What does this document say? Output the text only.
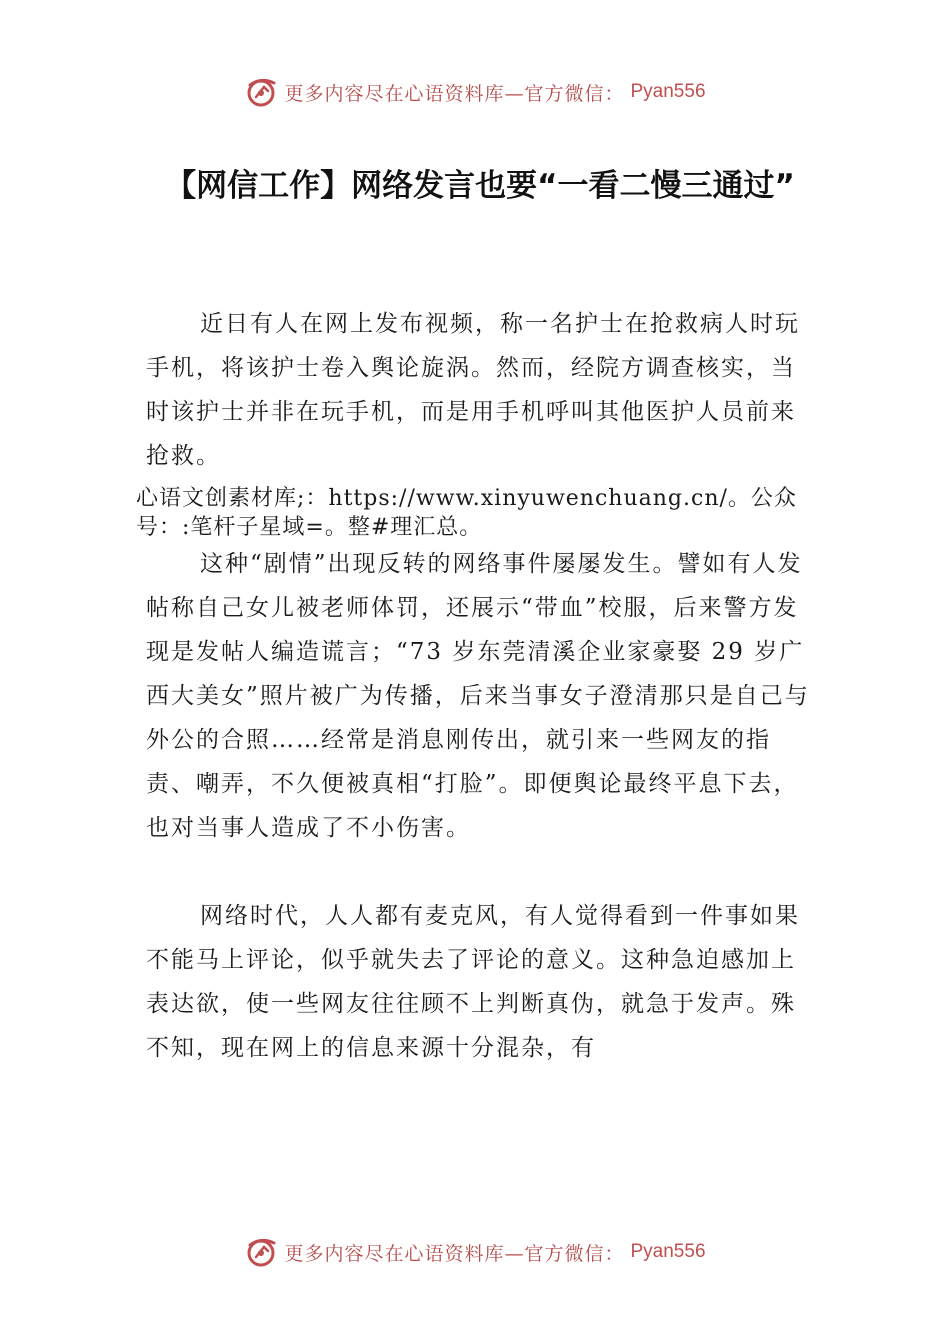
更多内容尽在心语资料库—官方微信： Pyan556
【网信工作】网络发言也要“一看二慢三通过”
近日有人在网上发布视频，称一名护士在抢救病人时玩手机，将该护士卷入舆论旋涡。然而，经院方调查核实，当时该护士并非在玩手机，而是用手机呼叫其他医护人员前来抢救。
心语文创素材库;：https://www.xinyuwenchuang.cn/。公众号：:笔杆子星域=。整#理汇总。
这种“剧情”出现反转的网络事件屡屡发生。譬如有人发帖称自己女儿被老师体罚，还展示“带血”校服，后来警方发现是发帖人编造谎言；“73 岁东莞清溪企业家豪娶 29 岁广西大美女”照片被广为传播，后来当事女子澄清那只是自己与外公的合照……经常是消息刚传出，就引来一些网友的指责、嘲弄，不久便被真相“打脸”。即便舆论最终平息下去，也对当事人造成了不小伤害。
网络时代，人人都有麦克风，有人觉得看到一件事如果不能马上评论，似乎就失去了评论的意义。这种急迫感加上表达欲，使一些网友往往顾不上判断真伪，就急于发声。殊不知，现在网上的信息来源十分混杂，有
更多内容尽在心语资料库—官方微信： Pyan556
